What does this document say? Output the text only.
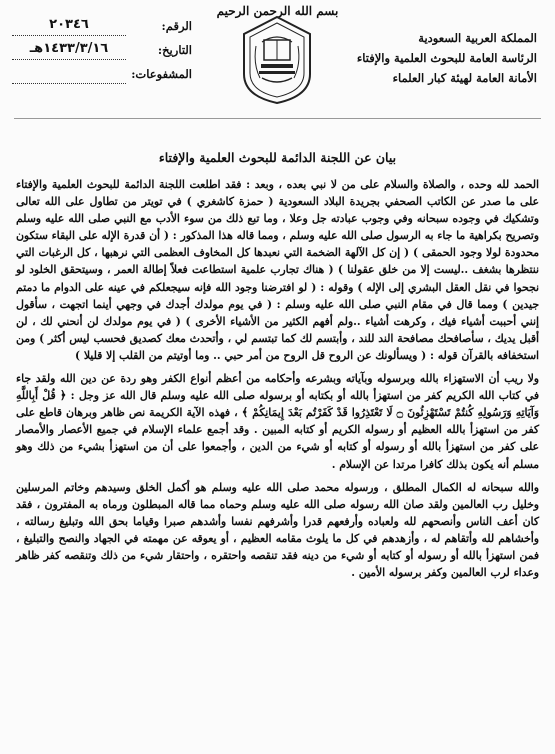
بسم الله الرحمن الرحيم
المملكة العربية السعودية
الرئاسة العامة للبحوث العلمية والإفتاء
الأمانة العامة لهيئة كبار العلماء
الرقم:
٢٠٣٤٦
التاريخ:
١٤٣٣/٣/١٦هـ
المشفوعات:
بيان عن اللجنة الدائمة للبحوث العلمية والإفتاء

الحمد لله وحده ، والصلاة والسلام على من لا نبي بعده ، وبعد : فقد اطلعت اللجنة الدائمة للبحوث العلمية والإفتاء على ما صدر عن الكاتب الصحفي بجريدة البلاد السعودية ( حمزة كاشغري ) في تويتر من تطاول على الله تعالى وتشكيك في وجوده سبحانه وفي وجوب عبادته جل وعلا ، وما تبع ذلك من سوء الأدب مع النبي صلى الله عليه وسلم وتصريح بكراهية ما جاء به الرسول صلى الله عليه وسلم ، ومما قاله هذا المذكور : ( أن قدرة الإله على البقاء ستكون محدودة لولا وجود الحمقى ) ( إن كل الآلهة الضخمة التي نعبدها كل المخاوف العظمى التي نرهبها ، كل الرغبات التي ننتظرها بشغف ..ليست إلا من خلق عقولنا ) ( هناك تجارب علمية استطاعت فعلاً إطالة العمر ، وسيتحقق الخلود لو نجحوا في نقل العقل البشري إلى الإله ) وقوله : ( لو افترضنا وجود الله فإنه سيجعلكم في عينه على الدوام ما دمتم جيدين ) ومما قال في مقام النبي صلى الله عليه وسلم : ( في يوم مولدك أجدك في وجهي أينما اتجهت ، سأقول إنني أحببت أشياء فيك ، وكرهت أشياء ..ولم أفهم الكثير من الأشياء الأخرى ) ( في يوم مولدك لن أنحني لك ، لن أقبل يديك ، سأصافحك مصافحة الند للند ، وأبتسم لك كما تبتسم لي ، وأتحدث معك كصديق فحسب ليس أكثر ) ومن استخفافه بالقرآن قوله : ( ويسألونك عن الروح قل الروح من أمر حبي .. وما أوتيتم من القلب إلا قليلا )

ولا ريب أن الاستهزاء بالله وبرسوله وبآياته وبشرعه وأحكامه من أعظم أنواع الكفر وهو ردة عن دين الله ولقد جاء في كتاب الله الكريم كفر من استهزأ بالله أو بكتابه أو برسوله صلى الله عليه وسلم قال الله عز وجل : ﴿ قُلْ أَبِاللَّهِ وَآيَاتِهِ وَرَسُولِهِ كُنتُمْ تَسْتَهْزِئُونَ ۝ لَا تَعْتَذِرُوا قَدْ كَفَرْتُم بَعْدَ إِيمَانِكُمْ ﴾ ، فهذه الآية الكريمة نص ظاهر وبرهان قاطع على كفر من استهزأ بالله العظيم أو رسوله الكريم أو كتابه المبين . وقد أجمع علماء الإسلام في جميع الأعصار والأمصار على كفر من استهزأ بالله أو رسوله أو كتابه أو شيء من الدين ، وأجمعوا على أن من استهزأ بشيء من ذلك وهو مسلم أنه يكون بذلك كافرا مرتدا عن الإسلام .

والله سبحانه له الكمال المطلق ، ورسوله محمد صلى الله عليه وسلم هو أكمل الخلق وسيدهم وخاتم المرسلين وخليل رب العالمين ولقد صان الله رسوله صلى الله عليه وسلم وحماه مما قاله المبطلون ورماه به المفترون ، فقد كان أعف الناس وأنصحهم لله ولعباده وأرفعهم قدرا وأشرفهم نفسا وأشدهم صبرا وقياما بحق الله وتبليغ رسالته ، وأخشاهم لله وأتقاهم له ، وأزهدهم في كل ما يلوث مقامه العظيم ، أو يعوقه عن مهمته في الجهاد والنصح والتبليغ ، فمن استهزأ بالله أو رسوله أو كتابه أو شيء من دينه فقد تنقصه واحتقره ، واحتقار شيء من ذلك وتنقصه كفر ظاهر وعداء لرب العالمين وكفر برسوله الأمين .
